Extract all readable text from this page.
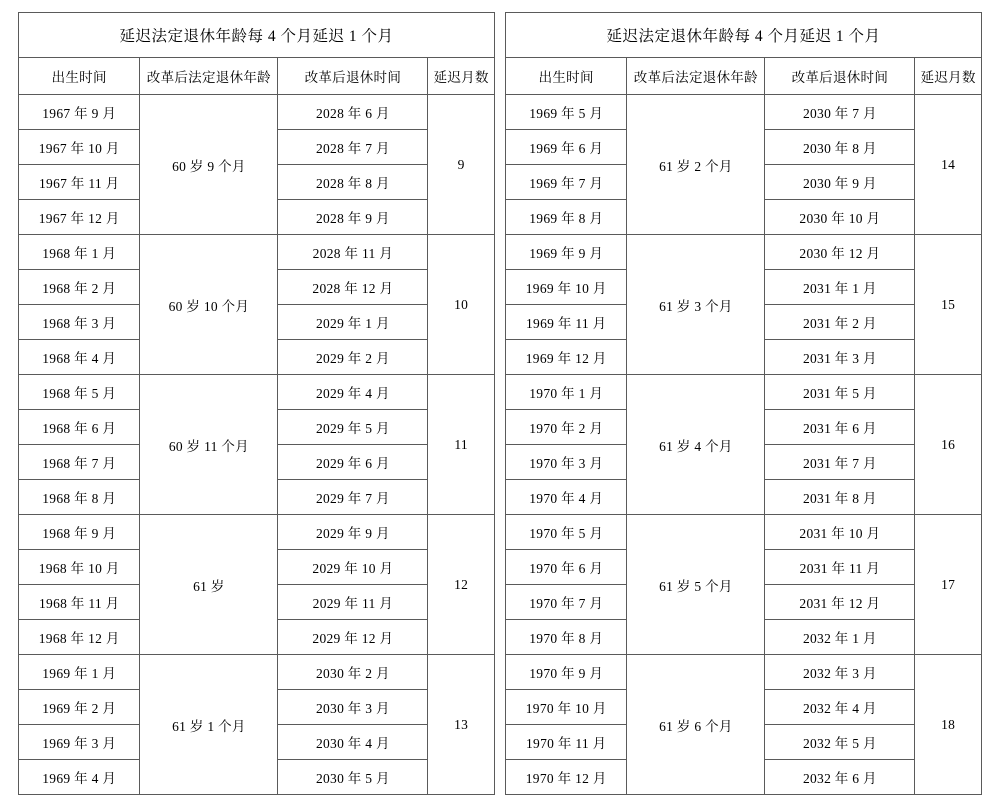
延迟法定退休年龄每 4 个月延迟 1 个月			
出生时间	改革后法定退休年龄	改革后退休时间	延迟月数
1967 年 9 月	60 岁 9 个月	2028 年 6 月	9
1967 年 10 月		2028 年 7 月	
1967 年 11 月		2028 年 8 月	
1967 年 12 月		2028 年 9 月	
1968 年 1 月	60 岁 10 个月	2028 年 11 月	10
1968 年 2 月		2028 年 12 月	
1968 年 3 月		2029 年 1 月	
1968 年 4 月		2029 年 2 月	
1968 年 5 月	60 岁 11 个月	2029 年 4 月	11
1968 年 6 月		2029 年 5 月	
1968 年 7 月		2029 年 6 月	
1968 年 8 月		2029 年 7 月	
1968 年 9 月	61 岁	2029 年 9 月	12
1968 年 10 月		2029 年 10 月	
1968 年 11 月		2029 年 11 月	
1968 年 12 月		2029 年 12 月	
1969 年 1 月	61 岁 1 个月	2030 年 2 月	13
1969 年 2 月		2030 年 3 月	
1969 年 3 月		2030 年 4 月	
1969 年 4 月		2030 年 5 月	
延迟法定退休年龄每 4 个月延迟 1 个月			
出生时间	改革后法定退休年龄	改革后退休时间	延迟月数
1969 年 5 月	61 岁 2 个月	2030 年 7 月	14
1969 年 6 月		2030 年 8 月	
1969 年 7 月		2030 年 9 月	
1969 年 8 月		2030 年 10 月	
1969 年 9 月	61 岁 3 个月	2030 年 12 月	15
1969 年 10 月		2031 年 1 月	
1969 年 11 月		2031 年 2 月	
1969 年 12 月		2031 年 3 月	
1970 年 1 月	61 岁 4 个月	2031 年 5 月	16
1970 年 2 月		2031 年 6 月	
1970 年 3 月		2031 年 7 月	
1970 年 4 月		2031 年 8 月	
1970 年 5 月	61 岁 5 个月	2031 年 10 月	17
1970 年 6 月		2031 年 11 月	
1970 年 7 月		2031 年 12 月	
1970 年 8 月		2032 年 1 月	
1970 年 9 月	61 岁 6 个月	2032 年 3 月	18
1970 年 10 月		2032 年 4 月	
1970 年 11 月		2032 年 5 月	
1970 年 12 月		2032 年 6 月	
